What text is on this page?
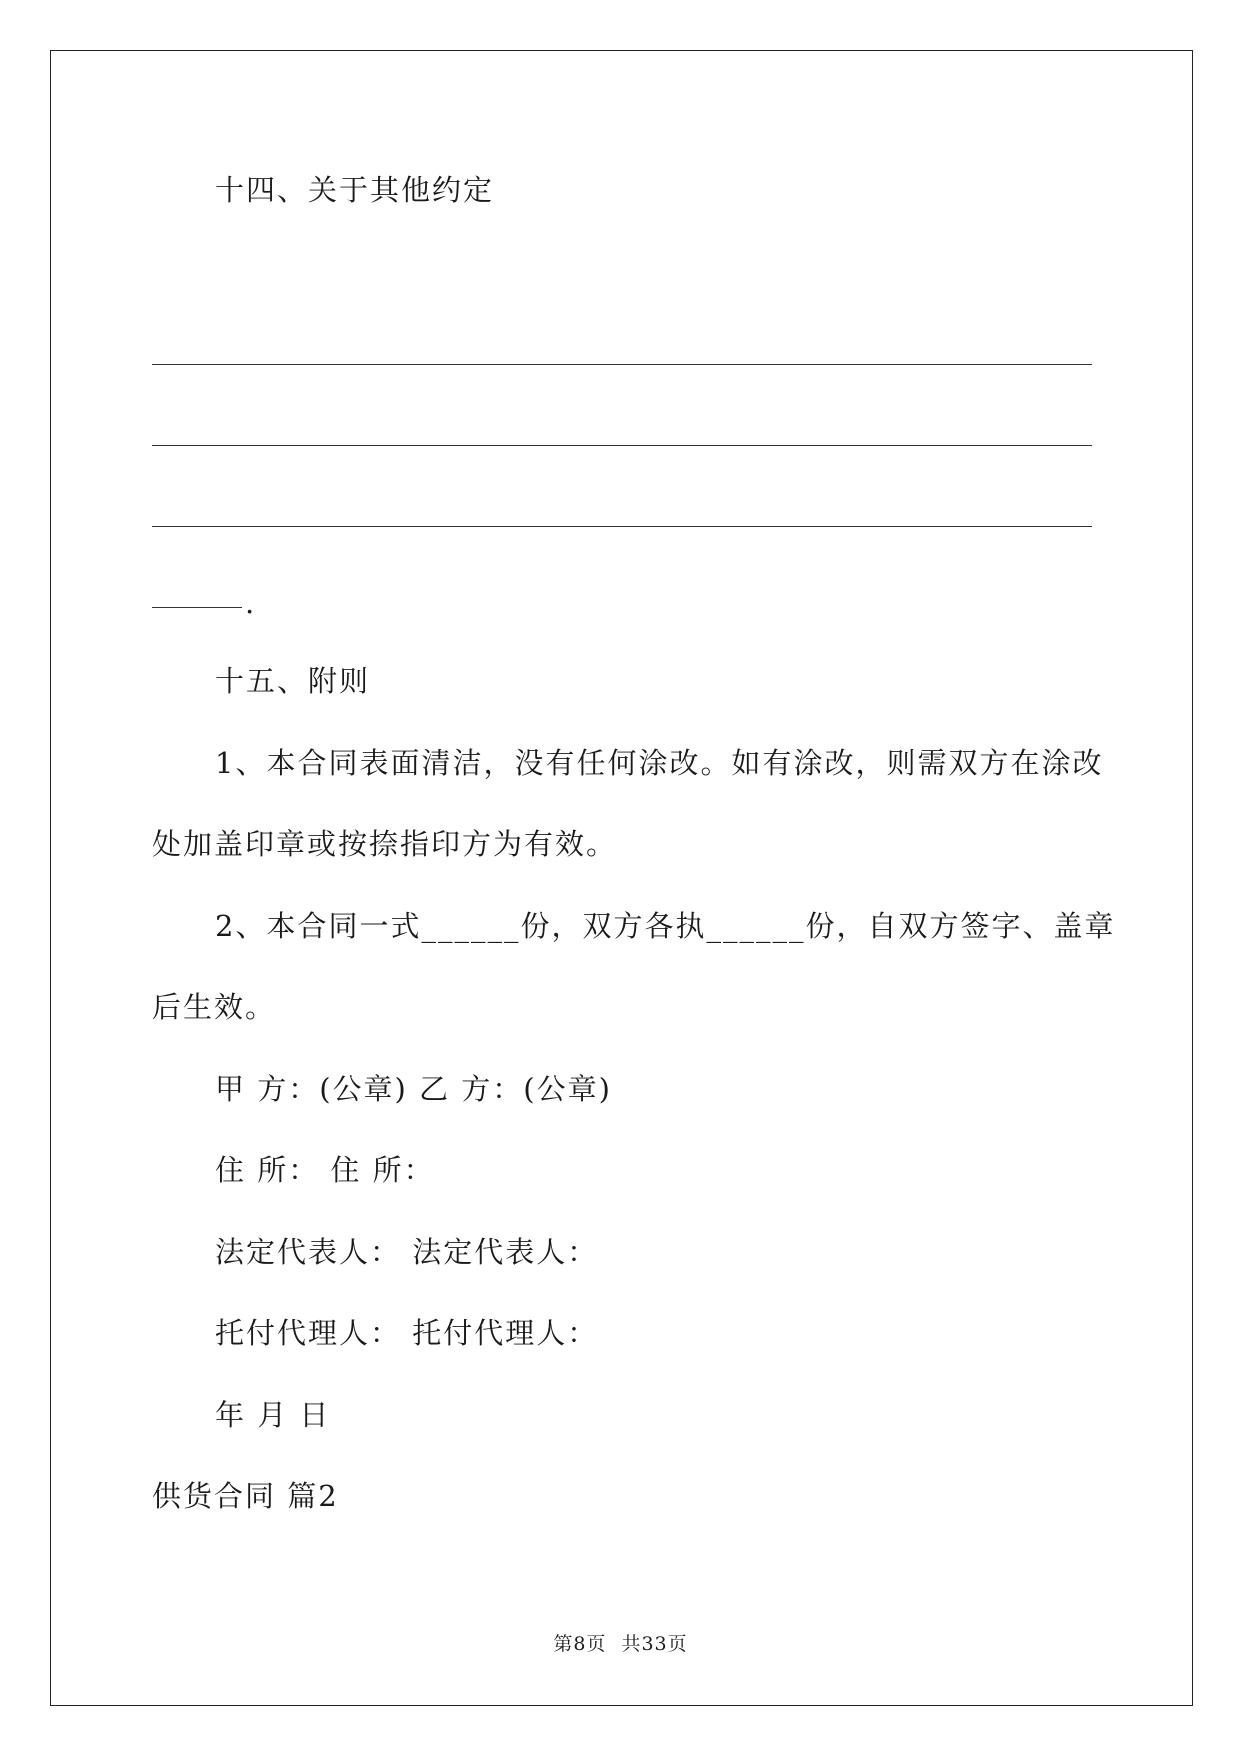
十四、关于其他约定
.
十五、附则
1、本合同表面清洁，没有任何涂改。如有涂改，则需双方在涂改
处加盖印章或按捺指印方为有效。
2、本合同一式______份，双方各执______份，自双方签字、盖章
后生效。
甲 方：(公章) 乙 方：(公章)
住 所： 住 所：
法定代表人： 法定代表人：
托付代理人： 托付代理人：
年 月 日
供货合同 篇2
第8页 共33页
